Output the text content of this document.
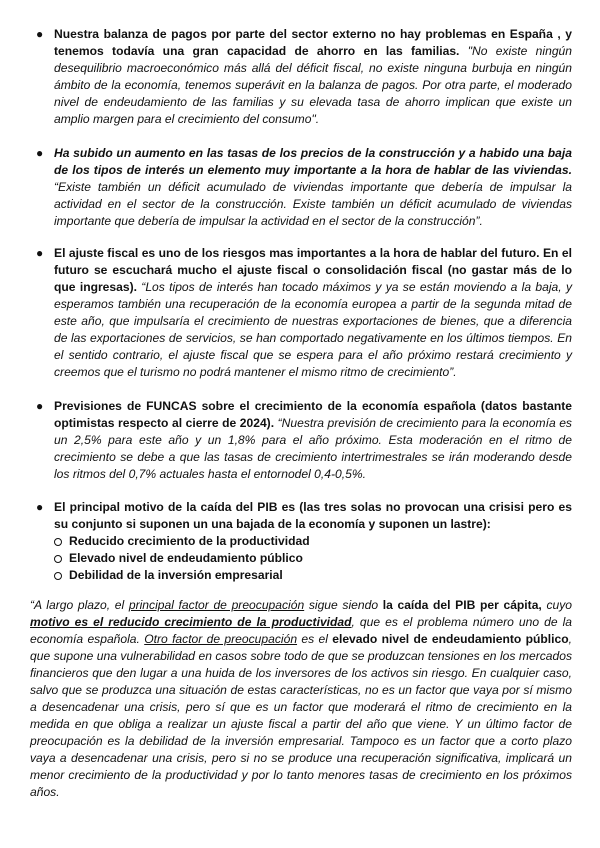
● Nuestra balanza de pagos por parte del sector externo no hay problemas en España , y tenemos todavía una gran capacidad de ahorro en las familias. "No existe ningún desequilibrio macroeconómico más allá del déficit fiscal, no existe ninguna burbuja en ningún ámbito de la economía, tenemos superávit en la balanza de pagos. Por otra parte, el moderado nivel de endeudamiento de las familias y su elevada tasa de ahorro implican que existe un amplio margen para el crecimiento del consumo".
● Ha subido un aumento en las tasas de los precios de la construcción y a habido una baja de los tipos de interés un elemento muy importante a la hora de hablar de las viviendas. “Existe también un déficit acumulado de viviendas importante que debería de impulsar la actividad en el sector de la construcción. Existe también un déficit acumulado de viviendas importante que debería de impulsar la actividad en el sector de la construcción”.
● El ajuste fiscal es uno de los riesgos mas importantes a la hora de hablar del futuro. En el futuro se escuchará mucho el ajuste fiscal o consolidación fiscal (no gastar más de lo que ingresas). “Los tipos de interés han tocado máximos y ya se están moviendo a la baja, y esperamos también una recuperación de la economía europea a partir de la segunda mitad de este año, que impulsaría el crecimiento de nuestras exportaciones de bienes, que a diferencia de las exportaciones de servicios, se han comportado negativamente en los últimos tiempos. En el sentido contrario, el ajuste fiscal que se espera para el año próximo restará crecimiento y creemos que el turismo no podrá mantener el mismo ritmo de crecimiento”.
● Previsiones de FUNCAS sobre el crecimiento de la economía española (datos bastante optimistas respecto al cierre de 2024). “Nuestra previsión de crecimiento para la economía es un 2,5% para este año y un 1,8% para el año próximo. Esta moderación en el ritmo de crecimiento se debe a que las tasas de crecimiento intertrimestrales se irán moderando desde los ritmos del 0,7% actuales hasta el entornodel 0,4-0,5%.
● El principal motivo de la caída del PIB es (las tres solas no provocan una crisisi pero es su conjunto si suponen un una bajada de la economía y suponen un lastre):
Reducido crecimiento de la productividad
Elevado nivel de endeudamiento público
Debilidad de la inversión empresarial
“A largo plazo, el principal factor de preocupación sigue siendo la caída del PIB per cápita, cuyo motivo es el reducido crecimiento de la productividad, que es el problema número uno de la economía española. Otro factor de preocupación es el elevado nivel de endeudamiento público, que supone una vulnerabilidad en casos sobre todo de que se produzcan tensiones en los mercados financieros que den lugar a una huida de los inversores de los activos sin riesgo. En cualquier caso, salvo que se produzca una situación de estas características, no es un factor que vaya por sí mismo a desencadenar una crisis, pero sí que es un factor que moderará el ritmo de crecimiento en la medida en que obliga a realizar un ajuste fiscal a partir del año que viene. Y un último factor de preocupación es la debilidad de la inversión empresarial. Tampoco es un factor que a corto plazo vaya a desencadenar una crisis, pero si no se produce una recuperación significativa, implicará un menor crecimiento de la productividad y por lo tanto menores tasas de crecimiento en los próximos años.
